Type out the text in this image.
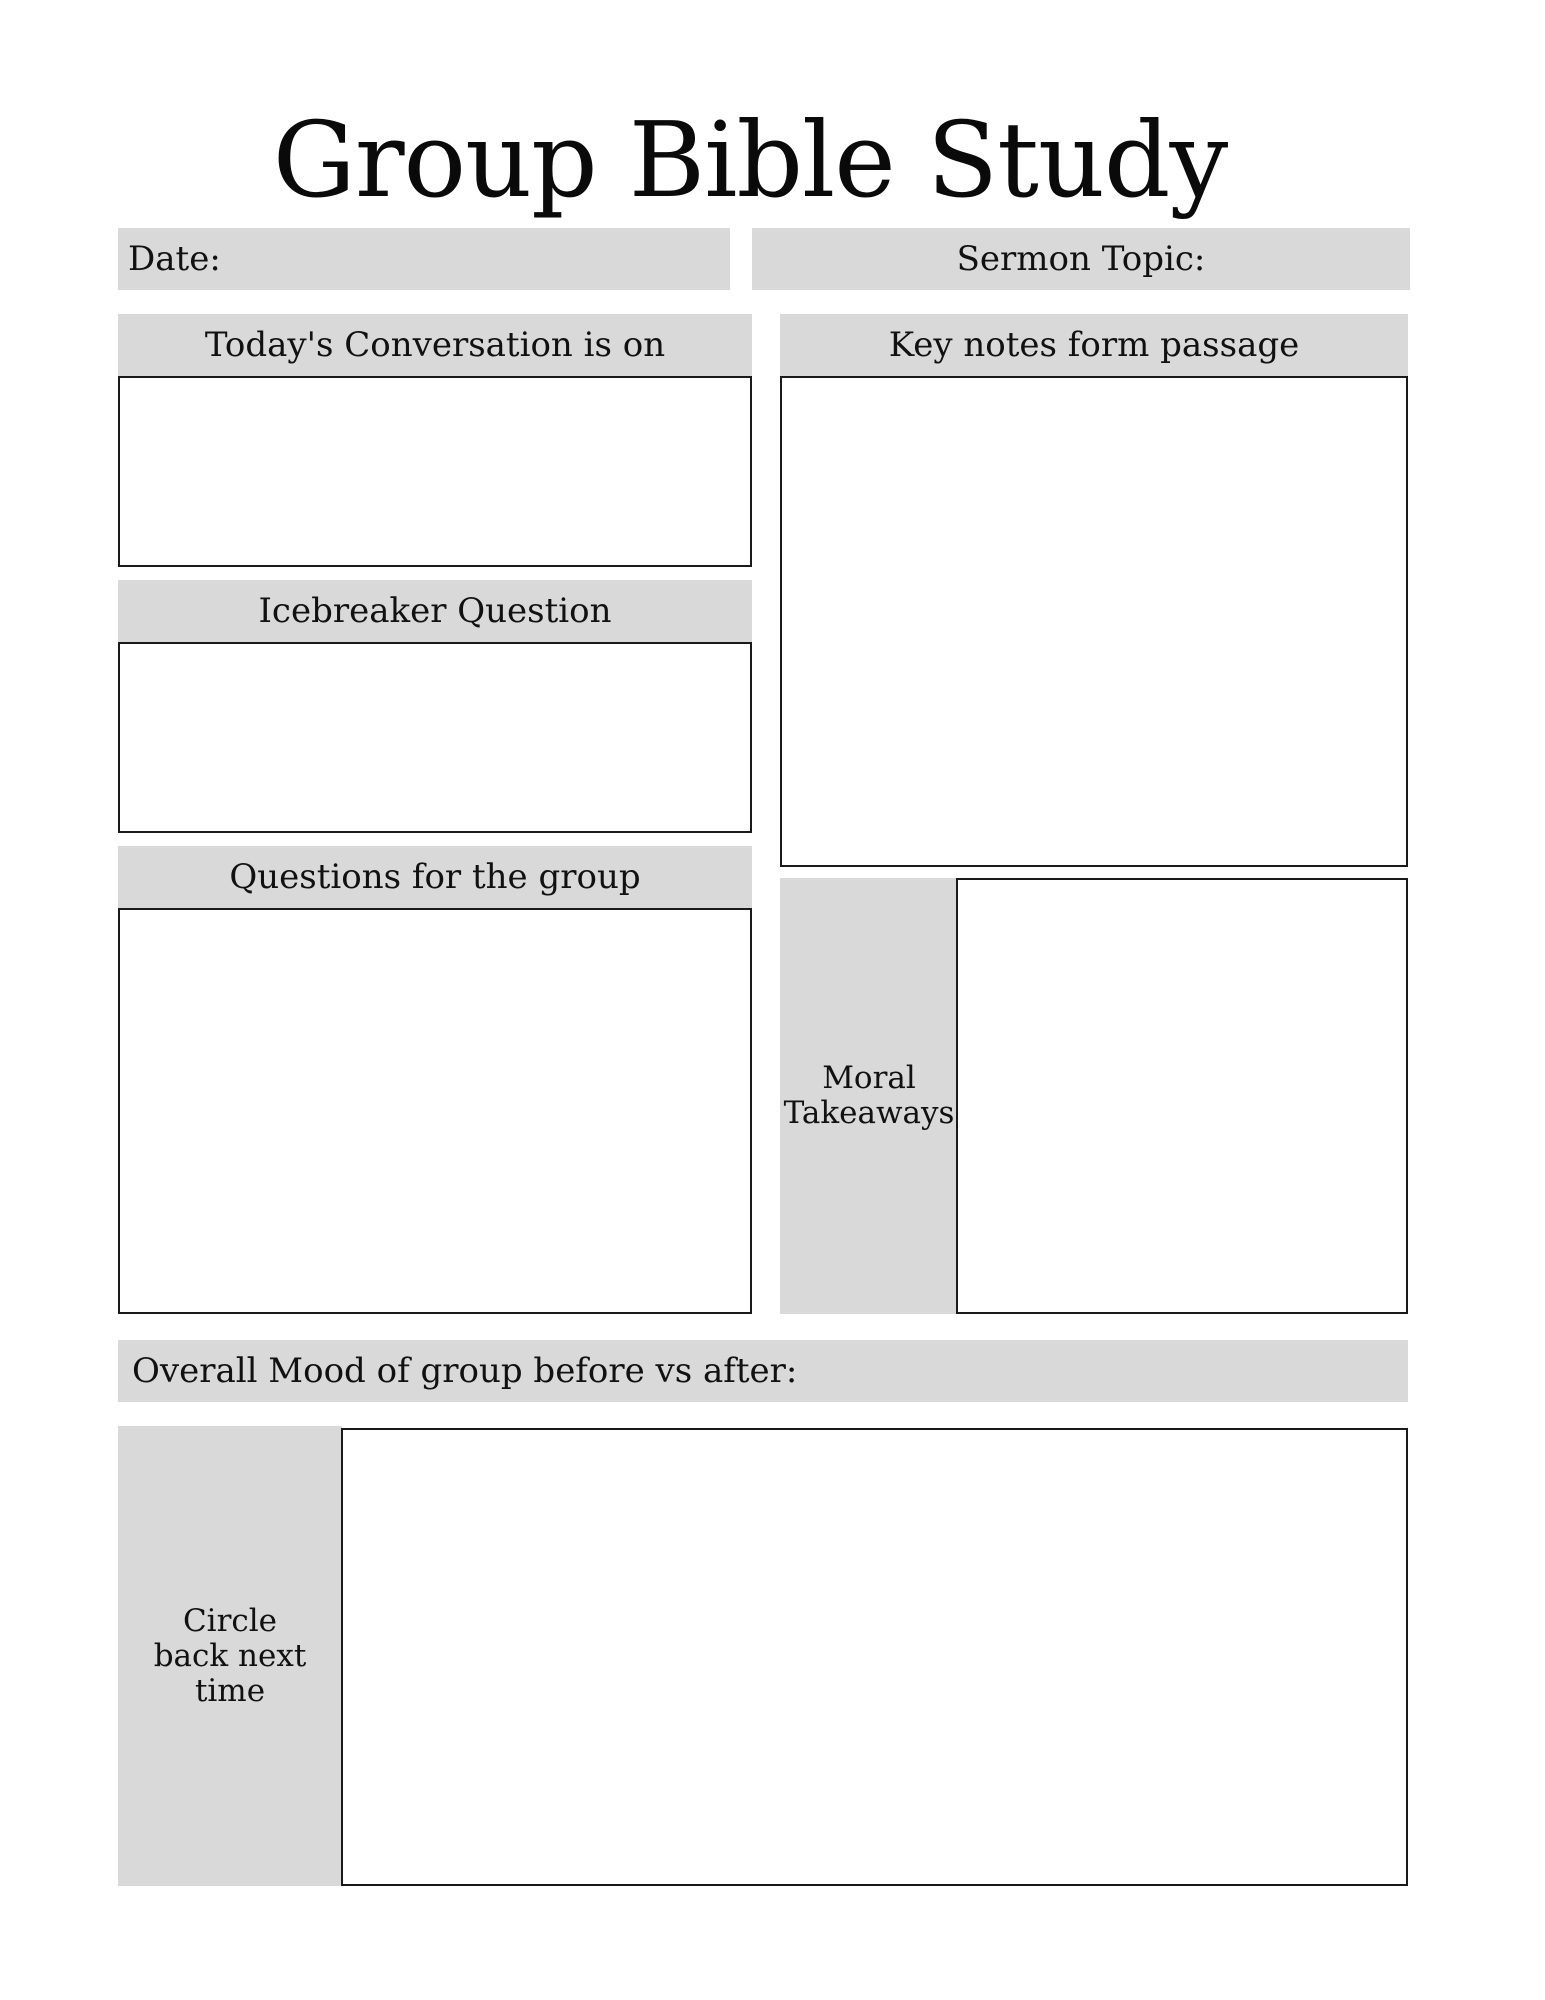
Group Bible Study
Date:	Sermon Topic:
Today's Conversation is on
Icebreaker Question
Questions for the group
Key notes form passage
Moral
Takeaways
Overall Mood of group before vs after:
Circle
back next time
